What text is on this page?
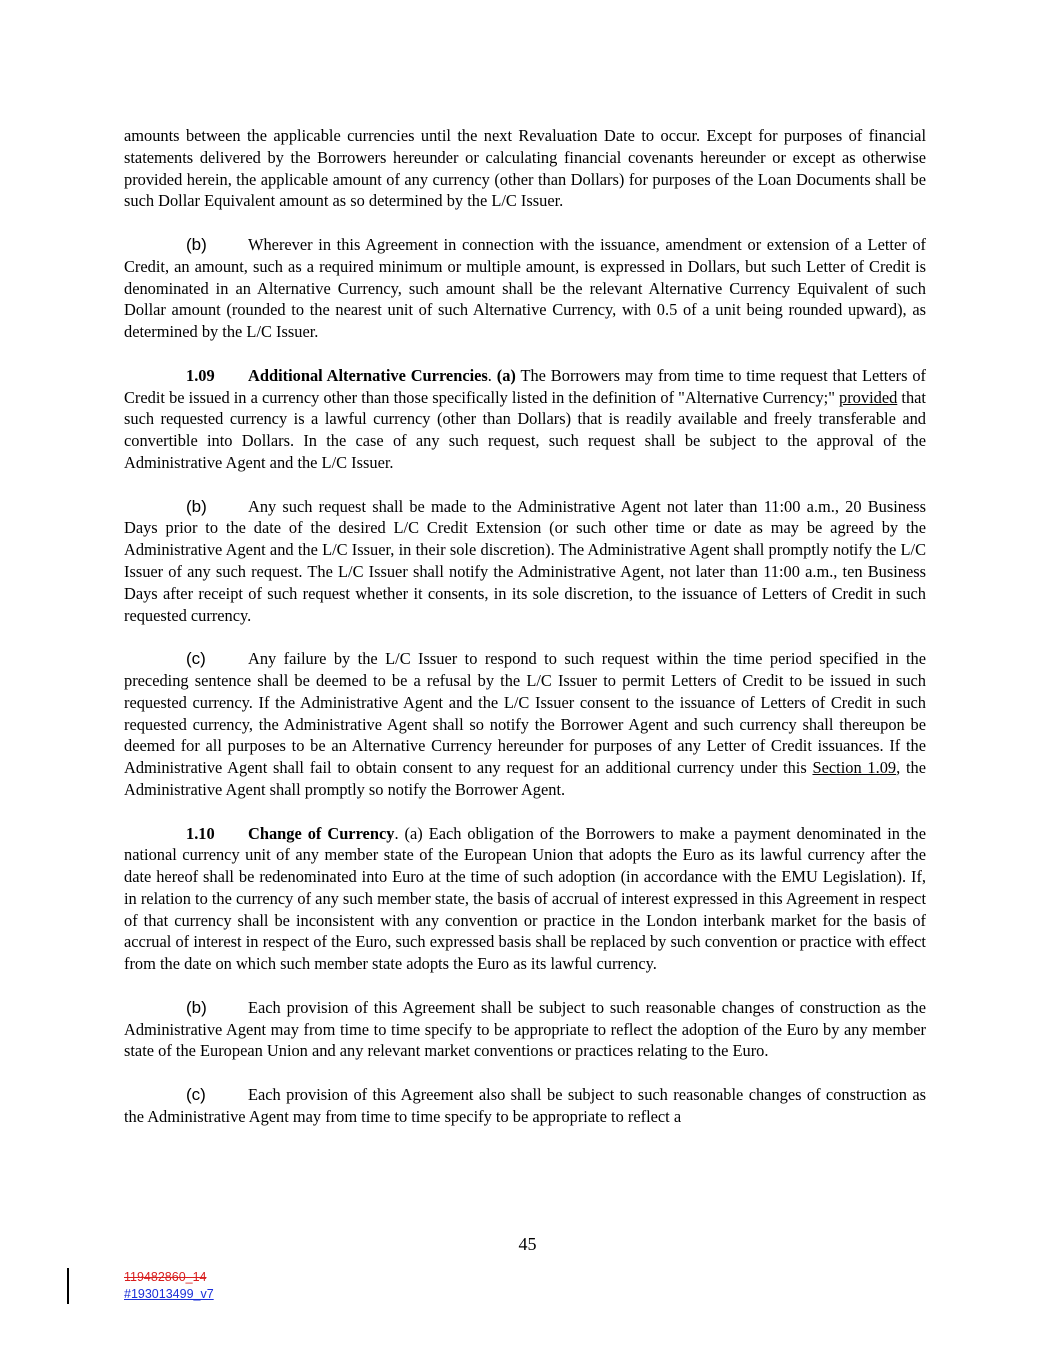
amounts between the applicable currencies until the next Revaluation Date to occur. Except for purposes of financial statements delivered by the Borrowers hereunder or calculating financial covenants hereunder or except as otherwise provided herein, the applicable amount of any currency (other than Dollars) for purposes of the Loan Documents shall be such Dollar Equivalent amount as so determined by the L/C Issuer.

(b)	Wherever in this Agreement in connection with the issuance, amendment or extension of a Letter of Credit, an amount, such as a required minimum or multiple amount, is expressed in Dollars, but such Letter of Credit is denominated in an Alternative Currency, such amount shall be the relevant Alternative Currency Equivalent of such Dollar amount (rounded to the nearest unit of such Alternative Currency, with 0.5 of a unit being rounded upward), as determined by the L/C Issuer.

1.09 Additional Alternative Currencies. (a) The Borrowers may from time to time request that Letters of Credit be issued in a currency other than those specifically listed in the definition of "Alternative Currency;" provided that such requested currency is a lawful currency (other than Dollars) that is readily available and freely transferable and convertible into Dollars. In the case of any such request, such request shall be subject to the approval of the Administrative Agent and the L/C Issuer.

(b)	Any such request shall be made to the Administrative Agent not later than 11:00 a.m., 20 Business Days prior to the date of the desired L/C Credit Extension (or such other time or date as may be agreed by the Administrative Agent and the L/C Issuer, in their sole discretion). The Administrative Agent shall promptly notify the L/C Issuer of any such request. The L/C Issuer shall notify the Administrative Agent, not later than 11:00 a.m., ten Business Days after receipt of such request whether it consents, in its sole discretion, to the issuance of Letters of Credit in such requested currency.

(c)	Any failure by the L/C Issuer to respond to such request within the time period specified in the preceding sentence shall be deemed to be a refusal by the L/C Issuer to permit Letters of Credit to be issued in such requested currency. If the Administrative Agent and the L/C Issuer consent to the issuance of Letters of Credit in such requested currency, the Administrative Agent shall so notify the Borrower Agent and such currency shall thereupon be deemed for all purposes to be an Alternative Currency hereunder for purposes of any Letter of Credit issuances. If the Administrative Agent shall fail to obtain consent to any request for an additional currency under this Section 1.09, the Administrative Agent shall promptly so notify the Borrower Agent.

1.10 Change of Currency. (a) Each obligation of the Borrowers to make a payment denominated in the national currency unit of any member state of the European Union that adopts the Euro as its lawful currency after the date hereof shall be redenominated into Euro at the time of such adoption (in accordance with the EMU Legislation). If, in relation to the currency of any such member state, the basis of accrual of interest expressed in this Agreement in respect of that currency shall be inconsistent with any convention or practice in the London interbank market for the basis of accrual of interest in respect of the Euro, such expressed basis shall be replaced by such convention or practice with effect from the date on which such member state adopts the Euro as its lawful currency.

(b)	Each provision of this Agreement shall be subject to such reasonable changes of construction as the Administrative Agent may from time to time specify to be appropriate to reflect the adoption of the Euro by any member state of the European Union and any relevant market conventions or practices relating to the Euro.

(c)	Each provision of this Agreement also shall be subject to such reasonable changes of construction as the Administrative Agent may from time to time specify to be appropriate to reflect a

45
119482860_14
#193013499_v7
